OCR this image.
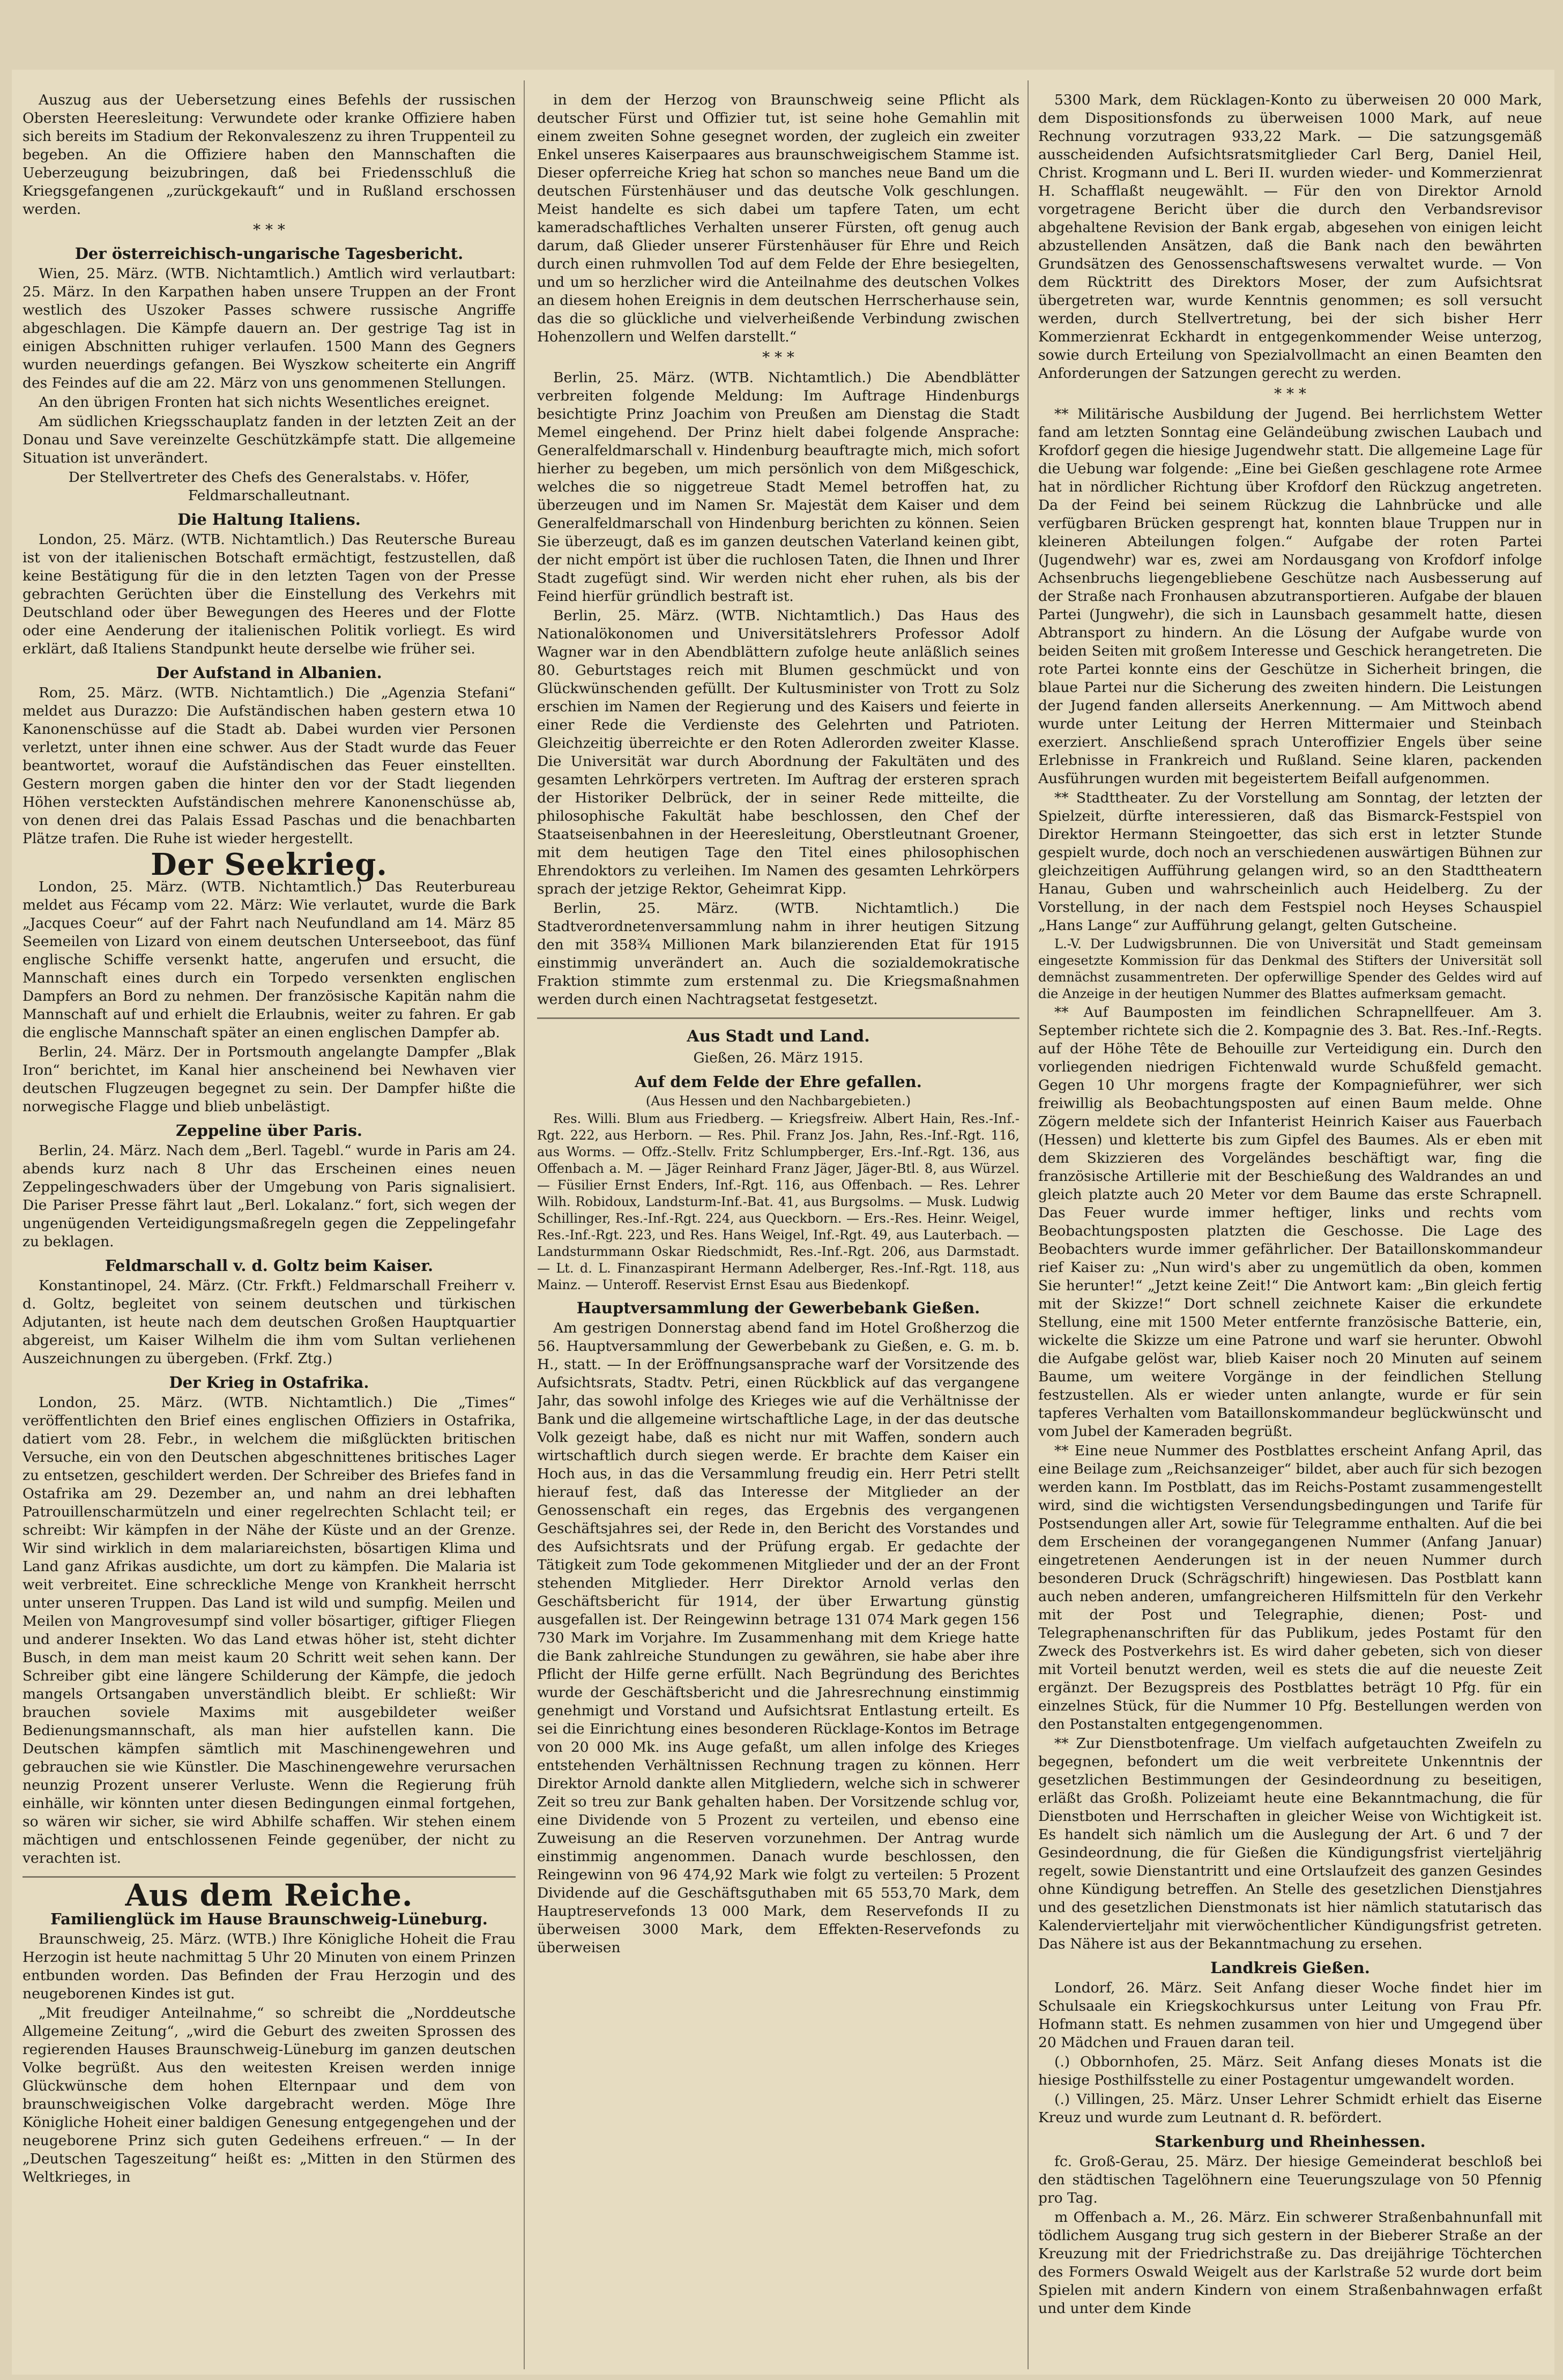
Auszug aus der Uebersetzung eines Befehls der russischen Obersten Heeresleitung: Verwundete oder kranke Offiziere haben sich bereits im Stadium der Rekonvaleszenz zu ihren Truppenteil zu begeben. An die Offiziere haben den Mannschaften die Ueberzeugung beizubringen, daß bei Friedensschluß die Kriegsgefangenen „zurückgekauft“ und in Rußland erschossen werden.

* * *
Der österreichisch-ungarische Tagesbericht.

Wien, 25. März. (WTB. Nichtamtlich.) Amtlich wird verlautbart: 25. März. In den Karpathen haben unsere Truppen an der Front westlich des Uszoker Passes schwere russische Angriffe abgeschlagen. Die Kämpfe dauern an. Der gestrige Tag ist in einigen Abschnitten ruhiger verlaufen. 1500 Mann des Gegners wurden neuerdings gefangen. Bei Wyszkow scheiterte ein Angriff des Feindes auf die am 22. März von uns genommenen Stellungen.

An den übrigen Fronten hat sich nichts Wesentliches ereignet.

Am südlichen Kriegsschauplatz fanden in der letzten Zeit an der Donau und Save vereinzelte Geschützkämpfe statt. Die allgemeine Situation ist unverändert.

Der Stellvertreter des Chefs des Generalstabs. v. Höfer, Feldmarschalleutnant.

Die Haltung Italiens.

London, 25. März. (WTB. Nichtamtlich.) Das Reutersche Bureau ist von der italienischen Botschaft ermächtigt, festzustellen, daß keine Bestätigung für die in den letzten Tagen von der Presse gebrachten Gerüchten über die Einstellung des Verkehrs mit Deutschland oder über Bewegungen des Heeres und der Flotte oder eine Aenderung der italienischen Politik vorliegt. Es wird erklärt, daß Italiens Standpunkt heute derselbe wie früher sei.

Der Aufstand in Albanien.

Rom, 25. März. (WTB. Nichtamtlich.) Die „Agenzia Stefani“ meldet aus Durazzo: Die Aufständischen haben gestern etwa 10 Kanonenschüsse auf die Stadt ab. Dabei wurden vier Personen verletzt, unter ihnen eine schwer. Aus der Stadt wurde das Feuer beantwortet, worauf die Aufständischen das Feuer einstellten. Gestern morgen gaben die hinter den vor der Stadt liegenden Höhen versteckten Aufständischen mehrere Kanonenschüsse ab, von denen drei das Palais Essad Paschas und die benachbarten Plätze trafen. Die Ruhe ist wieder hergestellt.

Der Seekrieg.

London, 25. März. (WTB. Nichtamtlich.) Das Reuterbureau meldet aus Fécamp vom 22. März: Wie verlautet, wurde die Bark „Jacques Coeur“ auf der Fahrt nach Neufundland am 14. März 85 Seemeilen von Lizard von einem deutschen Unterseeboot, das fünf englische Schiffe versenkt hatte, angerufen und ersucht, die Mannschaft eines durch ein Torpedo versenkten englischen Dampfers an Bord zu nehmen. Der französische Kapitän nahm die Mannschaft auf und erhielt die Erlaubnis, weiter zu fahren. Er gab die englische Mannschaft später an einen englischen Dampfer ab.

Berlin, 24. März. Der in Portsmouth angelangte Dampfer „Blak Iron“ berichtet, im Kanal hier anscheinend bei Newhaven vier deutschen Flugzeugen begegnet zu sein. Der Dampfer hißte die norwegische Flagge und blieb unbelästigt.

Zeppeline über Paris.

Berlin, 24. März. Nach dem „Berl. Tagebl.“ wurde in Paris am 24. abends kurz nach 8 Uhr das Erscheinen eines neuen Zeppelingeschwaders über der Umgebung von Paris signalisiert. Die Pariser Presse fährt laut „Berl. Lokalanz.“ fort, sich wegen der ungenügenden Verteidigungsmaßregeln gegen die Zeppelingefahr zu beklagen.

Feldmarschall v. d. Goltz beim Kaiser.

Konstantinopel, 24. März. (Ctr. Frkft.) Feldmarschall Freiherr v. d. Goltz, begleitet von seinem deutschen und türkischen Adjutanten, ist heute nach dem deutschen Großen Hauptquartier abgereist, um Kaiser Wilhelm die ihm vom Sultan verliehenen Auszeichnungen zu übergeben. (Frkf. Ztg.)

Der Krieg in Ostafrika.

London, 25. März. (WTB. Nichtamtlich.) Die „Times“ veröffentlichten den Brief eines englischen Offiziers in Ostafrika, datiert vom 28. Febr., in welchem die mißglückten britischen Versuche, ein von den Deutschen abgeschnittenes britisches Lager zu entsetzen, geschildert werden. Der Schreiber des Briefes fand in Ostafrika am 29. Dezember an, und nahm an drei lebhaften Patrouillenscharmützeln und einer regelrechten Schlacht teil; er schreibt: Wir kämpfen in der Nähe der Küste und an der Grenze. Wir sind wirklich in dem malariareichsten, bösartigen Klima und Land ganz Afrikas ausdichte, um dort zu kämpfen. Die Malaria ist weit verbreitet. Eine schreckliche Menge von Krankheit herrscht unter unseren Truppen. Das Land ist wild und sumpfig. Meilen und Meilen von Mangrovesumpf sind voller bösartiger, giftiger Fliegen und anderer Insekten. Wo das Land etwas höher ist, steht dichter Busch, in dem man meist kaum 20 Schritt weit sehen kann. Der Schreiber gibt eine längere Schilderung der Kämpfe, die jedoch mangels Ortsangaben unverständlich bleibt. Er schließt: Wir brauchen soviele Maxims mit ausgebildeter weißer Bedienungsmannschaft, als man hier aufstellen kann. Die Deutschen kämpfen sämtlich mit Maschinengewehren und gebrauchen sie wie Künstler. Die Maschinengewehre verursachen neunzig Prozent unserer Verluste. Wenn die Regierung früh einhälle, wir könnten unter diesen Bedingungen einmal fortgehen, so wären wir sicher, sie wird Abhilfe schaffen. Wir stehen einem mächtigen und entschlossenen Feinde gegenüber, der nicht zu verachten ist.

Aus dem Reiche.
Familienglück im Hause Braunschweig-Lüneburg.

Braunschweig, 25. März. (WTB.) Ihre Königliche Hoheit die Frau Herzogin ist heute nachmittag 5 Uhr 20 Minuten von einem Prinzen entbunden worden. Das Befinden der Frau Herzogin und des neugeborenen Kindes ist gut.

„Mit freudiger Anteilnahme,“ so schreibt die „Norddeutsche Allgemeine Zeitung“, „wird die Geburt des zweiten Sprossen des regierenden Hauses Braunschweig-Lüneburg im ganzen deutschen Volke begrüßt. Aus den weitesten Kreisen werden innige Glückwünsche dem hohen Elternpaar und dem von braunschweigischen Volke dargebracht werden. Möge Ihre Königliche Hoheit einer baldigen Genesung entgegengehen und der neugeborene Prinz sich guten Gedeihens erfreuen.“ — In der „Deutschen Tageszeitung“ heißt es: „Mitten in den Stürmen des Weltkrieges, in

in dem der Herzog von Braunschweig seine Pflicht als deutscher Fürst und Offizier tut, ist seine hohe Gemahlin mit einem zweiten Sohne gesegnet worden, der zugleich ein zweiter Enkel unseres Kaiserpaares aus braunschweigischem Stamme ist. Dieser opferreiche Krieg hat schon so manches neue Band um die deutschen Fürstenhäuser und das deutsche Volk geschlungen. Meist handelte es sich dabei um tapfere Taten, um echt kameradschaftliches Verhalten unserer Fürsten, oft genug auch darum, daß Glieder unserer Fürstenhäuser für Ehre und Reich durch einen ruhmvollen Tod auf dem Felde der Ehre besiegelten, und um so herzlicher wird die Anteilnahme des deutschen Volkes an diesem hohen Ereignis in dem deutschen Herrscherhause sein, das die so glückliche und vielverheißende Verbindung zwischen Hohenzollern und Welfen darstellt.“

* * *

Berlin, 25. März. (WTB. Nichtamtlich.) Die Abendblätter verbreiten folgende Meldung: Im Auftrage Hindenburgs besichtigte Prinz Joachim von Preußen am Dienstag die Stadt Memel eingehend. Der Prinz hielt dabei folgende Ansprache: Generalfeldmarschall v. Hindenburg beauftragte mich, mich sofort hierher zu begeben, um mich persönlich von dem Mißgeschick, welches die so niggetreue Stadt Memel betroffen hat, zu überzeugen und im Namen Sr. Majestät dem Kaiser und dem Generalfeldmarschall von Hindenburg berichten zu können. Seien Sie überzeugt, daß es im ganzen deutschen Vaterland keinen gibt, der nicht empört ist über die ruchlosen Taten, die Ihnen und Ihrer Stadt zugefügt sind. Wir werden nicht eher ruhen, als bis der Feind hierfür gründlich bestraft ist.

Berlin, 25. März. (WTB. Nichtamtlich.) Das Haus des Nationalökonomen und Universitätslehrers Professor Adolf Wagner war in den Abendblättern zufolge heute anläßlich seines 80. Geburtstages reich mit Blumen geschmückt und von Glückwünschenden gefüllt. Der Kultusminister von Trott zu Solz erschien im Namen der Regierung und des Kaisers und feierte in einer Rede die Verdienste des Gelehrten und Patrioten. Gleichzeitig überreichte er den Roten Adlerorden zweiter Klasse. Die Universität war durch Abordnung der Fakultäten und des gesamten Lehrkörpers vertreten. Im Auftrag der ersteren sprach der Historiker Delbrück, der in seiner Rede mitteilte, die philosophische Fakultät habe beschlossen, den Chef der Staatseisenbahnen in der Heeresleitung, Oberstleutnant Groener, mit dem heutigen Tage den Titel eines philosophischen Ehrendoktors zu verleihen. Im Namen des gesamten Lehrkörpers sprach der jetzige Rektor, Geheimrat Kipp.

Berlin, 25. März. (WTB. Nichtamtlich.) Die Stadtverordnetenversammlung nahm in ihrer heutigen Sitzung den mit 358¾ Millionen Mark bilanzierenden Etat für 1915 einstimmig unverändert an. Auch die sozialdemokratische Fraktion stimmte zum erstenmal zu. Die Kriegsmaßnahmen werden durch einen Nachtragsetat festgesetzt.

Aus Stadt und Land.

Gießen, 26. März 1915.

Auf dem Felde der Ehre gefallen.

(Aus Hessen und den Nachbargebieten.)

Res. Willi. Blum aus Friedberg. — Kriegsfreiw. Albert Hain, Res.-Inf.-Rgt. 222, aus Herborn. — Res. Phil. Franz Jos. Jahn, Res.-Inf.-Rgt. 116, aus Worms. — Offz.-Stellv. Fritz Schlumpberger, Ers.-Inf.-Rgt. 136, aus Offenbach a. M. — Jäger Reinhard Franz Jäger, Jäger-Btl. 8, aus Würzel. — Füsilier Ernst Enders, Inf.-Rgt. 116, aus Offenbach. — Res. Lehrer Wilh. Robidoux, Landsturm-Inf.-Bat. 41, aus Burgsolms. — Musk. Ludwig Schillinger, Res.-Inf.-Rgt. 224, aus Queckborn. — Ers.-Res. Heinr. Weigel, Res.-Inf.-Rgt. 223, und Res. Hans Weigel, Inf.-Rgt. 49, aus Lauterbach. — Landsturmmann Oskar Riedschmidt, Res.-Inf.-Rgt. 206, aus Darmstadt. — Lt. d. L. Finanzaspirant Hermann Adelberger, Res.-Inf.-Rgt. 118, aus Mainz. — Unteroff. Reservist Ernst Esau aus Biedenkopf.

Hauptversammlung der Gewerbebank Gießen.

Am gestrigen Donnerstag abend fand im Hotel Großherzog die 56. Hauptversammlung der Gewerbebank zu Gießen, e. G. m. b. H., statt. — In der Eröffnungsansprache warf der Vorsitzende des Aufsichtsrats, Stadtv. Petri, einen Rückblick auf das vergangene Jahr, das sowohl infolge des Krieges wie auf die Verhältnisse der Bank und die allgemeine wirtschaftliche Lage, in der das deutsche Volk gezeigt habe, daß es nicht nur mit Waffen, sondern auch wirtschaftlich durch siegen werde. Er brachte dem Kaiser ein Hoch aus, in das die Versammlung freudig ein. Herr Petri stellt hierauf fest, daß das Interesse der Mitglieder an der Genossenschaft ein reges, das Ergebnis des vergangenen Geschäftsjahres sei, der Rede in, den Bericht des Vorstandes und des Aufsichtsrats und der Prüfung ergab. Er gedachte der Tätigkeit zum Tode gekommenen Mitglieder und der an der Front stehenden Mitglieder. Herr Direktor Arnold verlas den Geschäftsbericht für 1914, der über Erwartung günstig ausgefallen ist. Der Reingewinn betrage 131 074 Mark gegen 156 730 Mark im Vorjahre. Im Zusammenhang mit dem Kriege hatte die Bank zahlreiche Stundungen zu gewähren, sie habe aber ihre Pflicht der Hilfe gerne erfüllt. Nach Begründung des Berichtes wurde der Geschäftsbericht und die Jahresrechnung einstimmig genehmigt und Vorstand und Aufsichtsrat Entlastung erteilt. Es sei die Einrichtung eines besonderen Rücklage-Kontos im Betrage von 20 000 Mk. ins Auge gefaßt, um allen infolge des Krieges entstehenden Verhältnissen Rechnung tragen zu können. Herr Direktor Arnold dankte allen Mitgliedern, welche sich in schwerer Zeit so treu zur Bank gehalten haben. Der Vorsitzende schlug vor, eine Dividende von 5 Prozent zu verteilen, und ebenso eine Zuweisung an die Reserven vorzunehmen. Der Antrag wurde einstimmig angenommen. Danach wurde beschlossen, den Reingewinn von 96 474,92 Mark wie folgt zu verteilen: 5 Prozent Dividende auf die Geschäftsguthaben mit 65 553,70 Mark, dem Hauptreservefonds 13 000 Mark, dem Reservefonds II zu überweisen 3000 Mark, dem Effekten-Reservefonds zu überweisen

5300 Mark, dem Rücklagen-Konto zu überweisen 20 000 Mark, dem Dispositionsfonds zu überweisen 1000 Mark, auf neue Rechnung vorzutragen 933,22 Mark. — Die satzungsgemäß ausscheidenden Aufsichtsratsmitglieder Carl Berg, Daniel Heil, Christ. Krogmann und L. Beri II. wurden wieder- und Kommerzienrat H. Schafflaßt neugewählt. — Für den von Direktor Arnold vorgetragene Bericht über die durch den Verbandsrevisor abgehaltene Revision der Bank ergab, abgesehen von einigen leicht abzustellenden Ansätzen, daß die Bank nach den bewährten Grundsätzen des Genossenschaftswesens verwaltet wurde. — Von dem Rücktritt des Direktors Moser, der zum Aufsichtsrat übergetreten war, wurde Kenntnis genommen; es soll versucht werden, durch Stellvertretung, bei der sich bisher Herr Kommerzienrat Eckhardt in entgegenkommender Weise unterzog, sowie durch Erteilung von Spezialvollmacht an einen Beamten den Anforderungen der Satzungen gerecht zu werden.

* * *

** Militärische Ausbildung der Jugend. Bei herrlichstem Wetter fand am letzten Sonntag eine Geländeübung zwischen Laubach und Krofdorf gegen die hiesige Jugendwehr statt. Die allgemeine Lage für die Uebung war folgende: „Eine bei Gießen geschlagene rote Armee hat in nördlicher Richtung über Krofdorf den Rückzug angetreten. Da der Feind bei seinem Rückzug die Lahnbrücke und alle verfügbaren Brücken gesprengt hat, konnten blaue Truppen nur in kleineren Abteilungen folgen.“ Aufgabe der roten Partei (Jugendwehr) war es, zwei am Nordausgang von Krofdorf infolge Achsenbruchs liegengebliebene Geschütze nach Ausbesserung auf der Straße nach Fronhausen abzutransportieren. Aufgabe der blauen Partei (Jungwehr), die sich in Launsbach gesammelt hatte, diesen Abtransport zu hindern. An die Lösung der Aufgabe wurde von beiden Seiten mit großem Interesse und Geschick herangetreten. Die rote Partei konnte eins der Geschütze in Sicherheit bringen, die blaue Partei nur die Sicherung des zweiten hindern. Die Leistungen der Jugend fanden allerseits Anerkennung. — Am Mittwoch abend wurde unter Leitung der Herren Mittermaier und Steinbach exerziert. Anschließend sprach Unteroffizier Engels über seine Erlebnisse in Frankreich und Rußland. Seine klaren, packenden Ausführungen wurden mit begeistertem Beifall aufgenommen.

** Stadttheater. Zu der Vorstellung am Sonntag, der letzten der Spielzeit, dürfte interessieren, daß das Bismarck-Festspiel von Direktor Hermann Steingoetter, das sich erst in letzter Stunde gespielt wurde, doch noch an verschiedenen auswärtigen Bühnen zur gleichzeitigen Aufführung gelangen wird, so an den Stadttheatern Hanau, Guben und wahrscheinlich auch Heidelberg. Zu der Vorstellung, in der nach dem Festspiel noch Heyses Schauspiel „Hans Lange“ zur Aufführung gelangt, gelten Gutscheine.

L.-V. Der Ludwigsbrunnen. Die von Universität und Stadt gemeinsam eingesetzte Kommission für das Denkmal des Stifters der Universität soll demnächst zusammentreten. Der opferwillige Spender des Geldes wird auf die Anzeige in der heutigen Nummer des Blattes aufmerksam gemacht.

** Auf Baumposten im feindlichen Schrapnellfeuer. Am 3. September richtete sich die 2. Kompagnie des 3. Bat. Res.-Inf.-Regts. auf der Höhe Tête de Behouille zur Verteidigung ein. Durch den vorliegenden niedrigen Fichtenwald wurde Schußfeld gemacht. Gegen 10 Uhr morgens fragte der Kompagnieführer, wer sich freiwillig als Beobachtungsposten auf einen Baum melde. Ohne Zögern meldete sich der Infanterist Heinrich Kaiser aus Fauerbach (Hessen) und kletterte bis zum Gipfel des Baumes. Als er eben mit dem Skizzieren des Vorgeländes beschäftigt war, fing die französische Artillerie mit der Beschießung des Waldrandes an und gleich platzte auch 20 Meter vor dem Baume das erste Schrapnell. Das Feuer wurde immer heftiger, links und rechts vom Beobachtungsposten platzten die Geschosse. Die Lage des Beobachters wurde immer gefährlicher. Der Bataillonskommandeur rief Kaiser zu: „Nun wird's aber zu ungemütlich da oben, kommen Sie herunter!“ „Jetzt keine Zeit!“ Die Antwort kam: „Bin gleich fertig mit der Skizze!“ Dort schnell zeichnete Kaiser die erkundete Stellung, eine mit 1500 Meter entfernte französische Batterie, ein, wickelte die Skizze um eine Patrone und warf sie herunter. Obwohl die Aufgabe gelöst war, blieb Kaiser noch 20 Minuten auf seinem Baume, um weitere Vorgänge in der feindlichen Stellung festzustellen. Als er wieder unten anlangte, wurde er für sein tapferes Verhalten vom Bataillonskommandeur beglückwünscht und vom Jubel der Kameraden begrüßt.

** Eine neue Nummer des Postblattes erscheint Anfang April, das eine Beilage zum „Reichsanzeiger“ bildet, aber auch für sich bezogen werden kann. Im Postblatt, das im Reichs-Postamt zusammengestellt wird, sind die wichtigsten Versendungsbedingungen und Tarife für Postsendungen aller Art, sowie für Telegramme enthalten. Auf die bei dem Erscheinen der vorangegangenen Nummer (Anfang Januar) eingetretenen Aenderungen ist in der neuen Nummer durch besonderen Druck (Schrägschrift) hingewiesen. Das Postblatt kann auch neben anderen, umfangreicheren Hilfsmitteln für den Verkehr mit der Post und Telegraphie, dienen; Post- und Telegraphenanschriften für das Publikum, jedes Postamt für den Zweck des Postverkehrs ist. Es wird daher gebeten, sich von dieser mit Vorteil benutzt werden, weil es stets die auf die neueste Zeit ergänzt. Der Bezugspreis des Postblattes beträgt 10 Pfg. für ein einzelnes Stück, für die Nummer 10 Pfg. Bestellungen werden von den Postanstalten entgegengenommen.

** Zur Dienstbotenfrage. Um vielfach aufgetauchten Zweifeln zu begegnen, befondert um die weit verbreitete Unkenntnis der gesetzlichen Bestimmungen der Gesindeordnung zu beseitigen, erläßt das Großh. Polizeiamt heute eine Bekanntmachung, die für Dienstboten und Herrschaften in gleicher Weise von Wichtigkeit ist. Es handelt sich nämlich um die Auslegung der Art. 6 und 7 der Gesindeordnung, die für Gießen die Kündigungsfrist vierteljährig regelt, sowie Dienstantritt und eine Ortslaufzeit des ganzen Gesindes ohne Kündigung betreffen. An Stelle des gesetzlichen Dienstjahres und des gesetzlichen Dienstmonats ist hier nämlich statutarisch das Kalendervierteljahr mit vierwöchentlicher Kündigungsfrist getreten. Das Nähere ist aus der Bekanntmachung zu ersehen.

Landkreis Gießen.

Londorf, 26. März. Seit Anfang dieser Woche findet hier im Schulsaale ein Kriegskochkursus unter Leitung von Frau Pfr. Hofmann statt. Es nehmen zusammen von hier und Umgegend über 20 Mädchen und Frauen daran teil.

(.) Obbornhofen, 25. März. Seit Anfang dieses Monats ist die hiesige Posthilfsstelle zu einer Postagentur umgewandelt worden.

(.) Villingen, 25. März. Unser Lehrer Schmidt erhielt das Eiserne Kreuz und wurde zum Leutnant d. R. befördert.

Starkenburg und Rheinhessen.

fc. Groß-Gerau, 25. März. Der hiesige Gemeinderat beschloß bei den städtischen Tagelöhnern eine Teuerungszulage von 50 Pfennig pro Tag.

m Offenbach a. M., 26. März. Ein schwerer Straßenbahnunfall mit tödlichem Ausgang trug sich gestern in der Bieberer Straße an der Kreuzung mit der Friedrichstraße zu. Das dreijährige Töchterchen des Formers Oswald Weigelt aus der Karlstraße 52 wurde dort beim Spielen mit andern Kindern von einem Straßenbahnwagen erfaßt und unter dem Kinde
